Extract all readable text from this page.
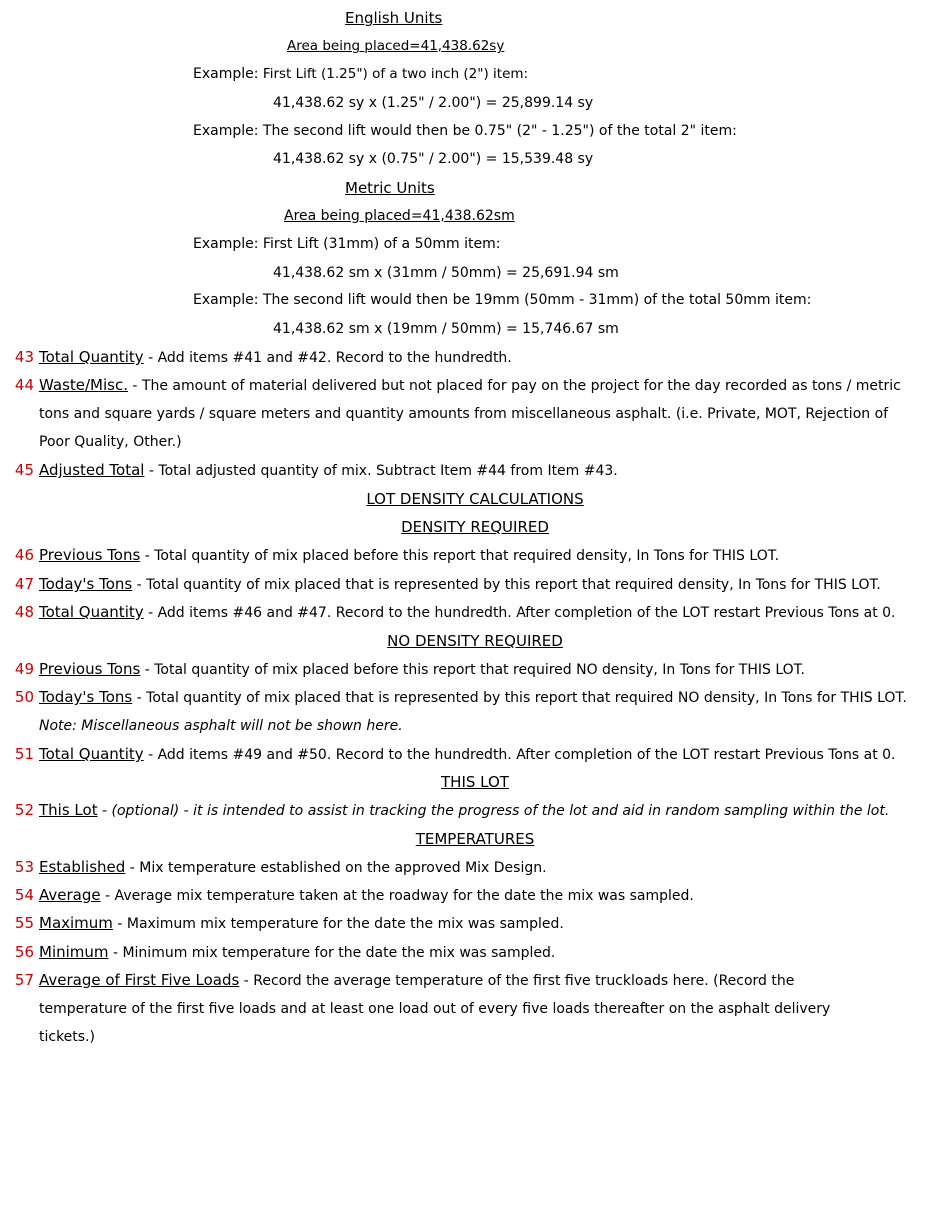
English Units
Area being placed=41,438.62sy
Example: First Lift (1.25") of a two inch (2") item:
41,438.62 sy x (1.25" / 2.00") = 25,899.14 sy
Example: The second lift would then be 0.75" (2" - 1.25") of the total 2" item:
41,438.62 sy x (0.75" / 2.00") = 15,539.48 sy
Metric Units
Area being placed=41,438.62sm
Example: First Lift (31mm) of a 50mm item:
41,438.62 sm x (31mm / 50mm) = 25,691.94 sm
Example: The second lift would then be 19mm (50mm - 31mm) of the total 50mm item:
41,438.62 sm x (19mm / 50mm) = 15,746.67 sm
43 Total Quantity - Add items #41 and #42. Record to the hundredth.
44 Waste/Misc. - The amount of material delivered but not placed for pay on the project for the day recorded as tons / metric
tons and square yards / square meters and quantity amounts from miscellaneous asphalt. (i.e. Private, MOT, Rejection of
Poor Quality, Other.)
45 Adjusted Total - Total adjusted quantity of mix. Subtract Item #44 from Item #43.
LOT DENSITY CALCULATIONS
DENSITY REQUIRED
46 Previous Tons - Total quantity of mix placed before this report that required density, In Tons for THIS LOT.
47 Today's Tons - Total quantity of mix placed that is represented by this report that required density, In Tons for THIS LOT.
48 Total Quantity - Add items #46 and #47. Record to the hundredth. After completion of the LOT restart Previous Tons at 0.
NO DENSITY REQUIRED
49 Previous Tons - Total quantity of mix placed before this report that required NO density, In Tons for THIS LOT.
50 Today's Tons - Total quantity of mix placed that is represented by this report that required NO density, In Tons for THIS LOT.
Note: Miscellaneous asphalt will not be shown here.
51 Total Quantity - Add items #49 and #50. Record to the hundredth. After completion of the LOT restart Previous Tons at 0.
THIS LOT
52 This Lot - (optional) - it is intended to assist in tracking the progress of the lot and aid in random sampling within the lot.
TEMPERATURES
53 Established - Mix temperature established on the approved Mix Design.
54 Average - Average mix temperature taken at the roadway for the date the mix was sampled.
55 Maximum - Maximum mix temperature for the date the mix was sampled.
56 Minimum - Minimum mix temperature for the date the mix was sampled.
57 Average of First Five Loads - Record the average temperature of the first five truckloads here. (Record the
temperature of the first five loads and at least one load out of every five loads thereafter on the asphalt delivery
tickets.)
